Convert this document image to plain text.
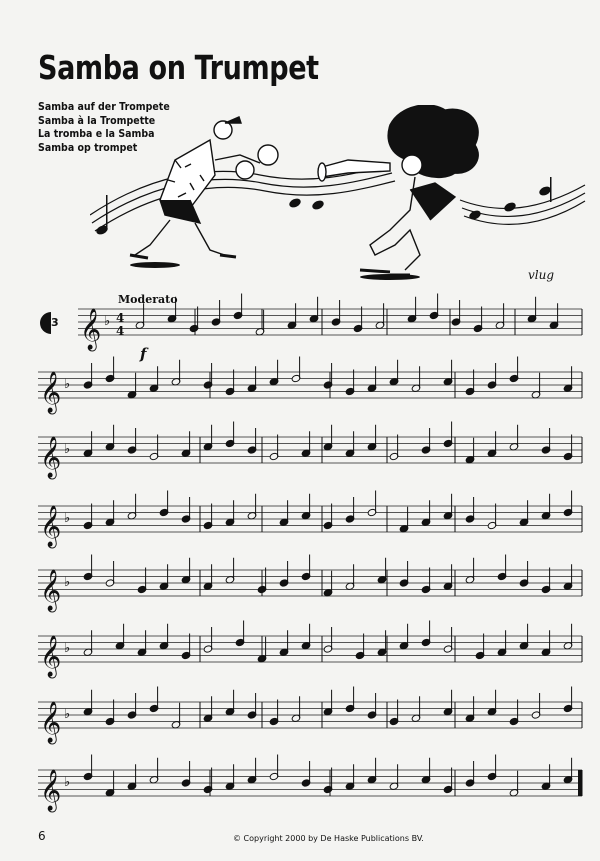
Samba on Trumpet
Samba auf der Trompete
Samba à la Trompette
La tromba e la Samba
Samba op trompet
vlug
3
Moderato
f
𝄞 ♭
𝄞 ♭
𝄞 ♭
𝄞 ♭
𝄞 ♭
𝄞 ♭
𝄞 ♭
𝄞 ♭
4
4
6	© Copyright 2000 by De Haske Publications BV.
